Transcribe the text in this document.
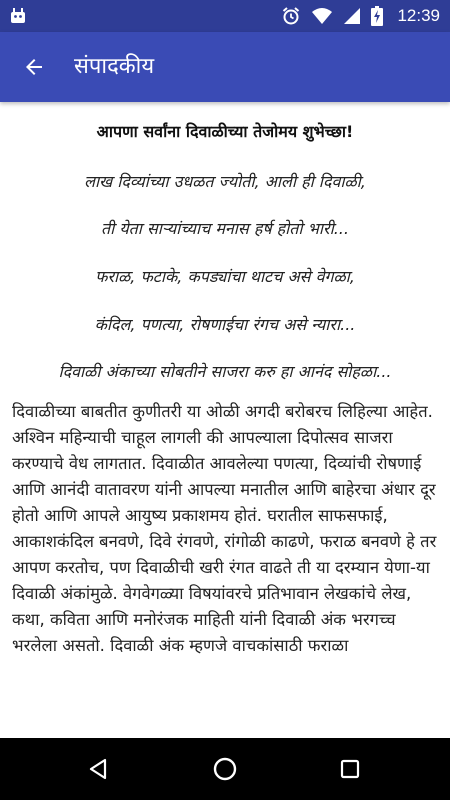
12:39
संपादकीय
आपणा सर्वांना दिवाळीच्या तेजोमय शुभेच्छा!
लाख दिव्यांच्या उधळत ज्योती, आली ही दिवाळी,
ती येता साऱ्यांच्याच मनास हर्ष होतो भारी...
फराळ, फटाके, कपड्यांचा थाटच असे वेगळा,
कंदिल, पणत्या, रोषणाईचा रंगच असे न्यारा...
दिवाळी अंकाच्या सोबतीने साजरा करु हा आनंद सोहळा...

दिवाळीच्या बाबतीत कुणीतरी या ओळी अगदी बरोबरच लिहिल्या आहेत. अश्विन महिन्याची चाहूल लागली की आपल्याला दिपोत्सव साजरा करण्याचे वेध लागतात. दिवाळीत आवलेल्या पणत्या, दिव्यांची रोषणाई आणि आनंदी वातावरण यांनी आपल्या मनातील आणि बाहेरचा अंधार दूर होतो आणि आपले आयुष्य प्रकाशमय होतं. घरातील साफसफाई, आकाशकंदिल बनवणे, दिवे रंगवणे, रांगोळी काढणे, फराळ बनवणे हे तर आपण करतोच, पण दिवाळीची खरी रंगत वाढते ती या दरम्यान येणा-या दिवाळी अंकांमुळे. वेगवेगळ्या विषयांवरचे प्रतिभावान लेखकांचे लेख, कथा, कविता आणि मनोरंजक माहिती यांनी दिवाळी अंक भरगच्च भरलेला असतो. दिवाळी अंक म्हणजे वाचकांसाठी फराळा
